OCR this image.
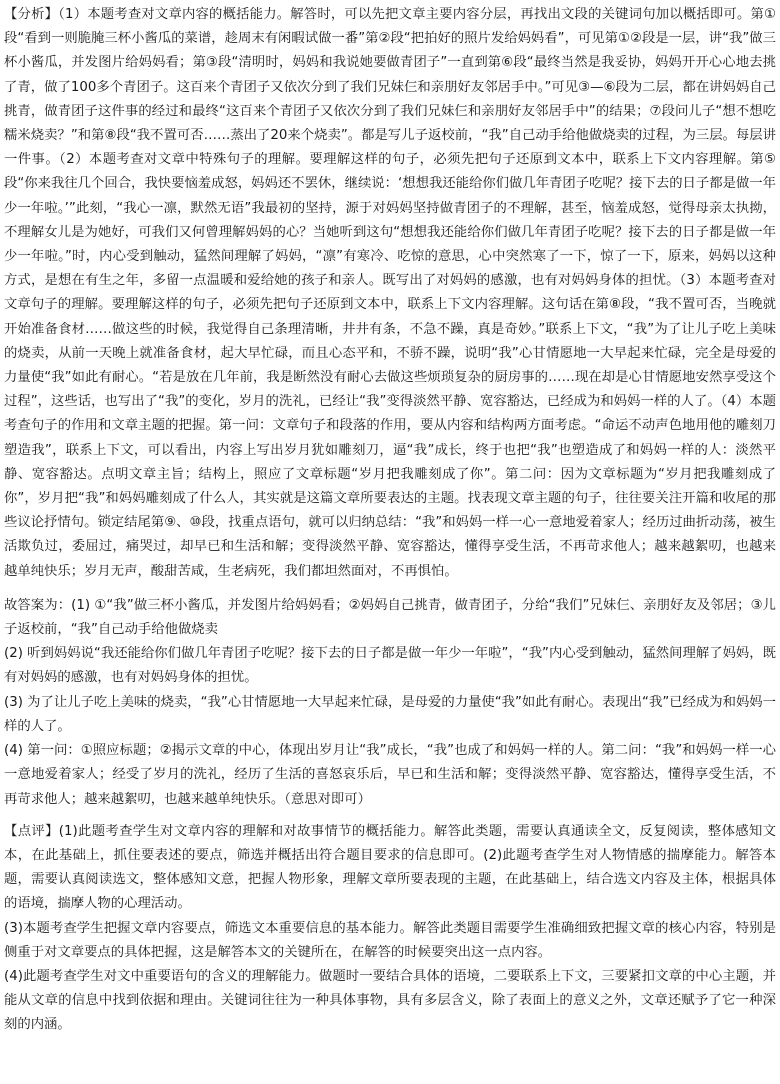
【分析】（1）本题考查对文章内容的概括能力。解答时，可以先把文章主要内容分层，再找出文段的关键词句加以概括即可。第①段“看到一则脆腌三杯小酱瓜的菜谱，趁周末有闲暇试做一番”第②段“把拍好的照片发给妈妈看”，可见第①②段是一层，讲“我”做三杯小酱瓜，并发图片给妈妈看；第③段“清明时，妈妈和我说她要做青团子”一直到第⑥段“最终当然是我妥协，妈妈开开心心地去挑了青，做了100多个青团子。这百来个青团子又依次分到了我们兄妹仨和亲朋好友邻居手中。”可见③—⑥段为二层，都在讲妈妈自己挑青，做青团子这件事的经过和最终“这百来个青团子又依次分到了我们兄妹仨和亲朋好友邻居手中”的结果；⑦段问儿子“想不想吃糯米烧卖？”和第⑧段“我不置可否……蒸出了20来个烧卖”。都是写儿子返校前，“我”自己动手给他做烧卖的过程，为三层。每层讲一件事。（2）本题考查对文章中特殊句子的理解。要理解这样的句子，必须先把句子还原到文本中，联系上下文内容理解。第⑤段“你来我往几个回合，我快要恼羞成怒，妈妈还不罢休，继续说：‘想想我还能给你们做几年青团子吃呢？接下去的日子都是做一年少一年啦。’”此刻，“我心一凛，默然无语”我最初的坚持，源于对妈妈坚持做青团子的不理解，甚至，恼羞成怒，觉得母亲太执拗，不理解女儿是为她好，可我们又何曾理解妈妈的心？当她听到这句“想想我还能给你们做几年青团子吃呢？接下去的日子都是做一年少一年啦。”时，内心受到触动，猛然间理解了妈妈，“凛”有寒冷、吃惊的意思，心中突然寒了一下，惊了一下，原来，妈妈以这种方式，是想在有生之年，多留一点温暖和爱给她的孩子和亲人。既写出了对妈妈的感激，也有对妈妈身体的担忧。（3）本题考查对文章句子的理解。要理解这样的句子，必须先把句子还原到文本中，联系上下文内容理解。这句话在第⑧段，“我不置可否，当晚就开始准备食材……做这些的时候，我觉得自己条理清晰，井井有条，不急不躁，真是奇妙。”联系上下文，“我”为了让儿子吃上美味的烧卖，从前一天晚上就准备食材，起大早忙碌，而且心态平和，不骄不躁，说明“我”心甘情愿地一大早起来忙碌，完全是母爱的力量使“我”如此有耐心。“若是放在几年前，我是断然没有耐心去做这些烦琐复杂的厨房事的……现在却是心甘情愿地安然享受这个过程”，这些话，也写出了“我”的变化，岁月的洗礼，已经让“我”变得淡然平静、宽容豁达，已经成为和妈妈一样的人了。（4）本题考查句子的作用和文章主题的把握。第一问：文章句子和段落的作用，要从内容和结构两方面考虑。“命运不动声色地用他的雕刻刀塑造我”，联系上下文，可以看出，内容上写出岁月犹如雕刻刀，逼“我”成长，终于也把“我”也塑造成了和妈妈一样的人：淡然平静、宽容豁达。点明文章主旨；结构上，照应了文章标题“岁月把我雕刻成了你”。第二问：因为文章标题为“岁月把我雕刻成了你”，岁月把“我”和妈妈雕刻成了什么人，其实就是这篇文章所要表达的主题。找表现文章主题的句子，往往要关注开篇和收尾的那些议论抒情句。锁定结尾第⑨、⑩段，找重点语句，就可以归纳总结：“我”和妈妈一样一心一意地爱着家人；经历过曲折动荡，被生活欺负过，委屈过，痛哭过，却早已和生活和解；变得淡然平静、宽容豁达，懂得享受生活，不再苛求他人；越来越絮叨，也越来越单纯快乐；岁月无声，酸甜苦咸，生老病死，我们都坦然面对，不再惧怕。

故答案为：(1) ①“我”做三杯小酱瓜，并发图片给妈妈看；②妈妈自己挑青，做青团子，分给“我们”兄妹仨、亲朋好友及邻居；③儿子返校前，“我”自己动手给他做烧卖

(2) 听到妈妈说“我还能给你们做几年青团子吃呢？接下去的日子都是做一年少一年啦”，“我”内心受到触动，猛然间理解了妈妈，既有对妈妈的感激，也有对妈妈身体的担忧。

(3) 为了让儿子吃上美味的烧卖，“我”心甘情愿地一大早起来忙碌，是母爱的力量使“我”如此有耐心。表现出“我”已经成为和妈妈一样的人了。

(4) 第一问：①照应标题；②揭示文章的中心，体现出岁月让“我”成长，“我”也成了和妈妈一样的人。第二问：“我”和妈妈一样一心一意地爱着家人；经受了岁月的洗礼，经历了生活的喜怒哀乐后，早已和生活和解；变得淡然平静、宽容豁达，懂得享受生活，不再苛求他人；越来越絮叨，也越来越单纯快乐。（意思对即可）

【点评】(1)此题考查学生对文章内容的理解和对故事情节的概括能力。解答此类题，需要认真通读全文，反复阅读，整体感知文本，在此基础上，抓住要表述的要点，筛选并概括出符合题目要求的信息即可。(2)此题考查学生对人物情感的揣摩能力。解答本题，需要认真阅读选文，整体感知文意，把握人物形象，理解文章所要表现的主题，在此基础上，结合选文内容及主体，根据具体的语境，揣摩人物的心理活动。

(3)本题考查学生把握文章内容要点，筛选文本重要信息的基本能力。解答此类题目需要学生准确细致把握文章的核心内容，特别是侧重于对文章要点的具体把握，这是解答本文的关键所在，在解答的时候要突出这一点内容。

(4)此题考查学生对文中重要语句的含义的理解能力。做题时一要结合具体的语境，二要联系上下文，三要紧扣文章的中心主题，并能从文章的信息中找到依据和理由。关键词往往为一种具体事物，具有多层含义，除了表面上的意义之外，文章还赋予了它一种深刻的内涵。
